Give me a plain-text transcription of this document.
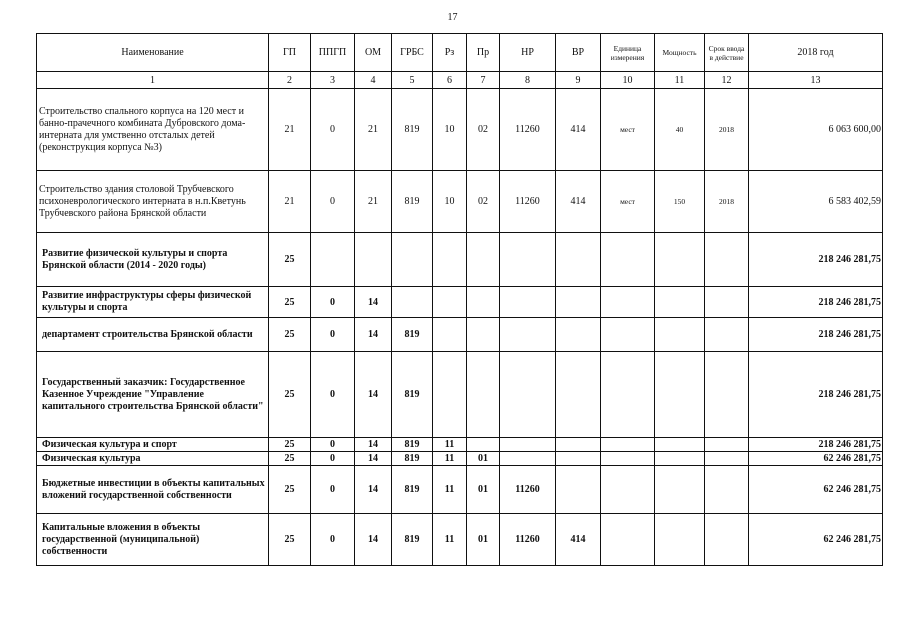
17
Наименование	ГП	ППГП	ОМ	ГРБС	Рз	Пр	НР	ВР	Единица измерения	Мощность	Срок ввода в действие	2018 год
1	2	3	4	5	6	7	8	9	10	11	12	13
Строительство спального корпуса на 120 мест и банно-прачечного комбината Дубровского дома-интерната для умственно отсталых детей (реконструкция корпуса №3)	21	0	21	819	10	02	11260	414	мест	40	2018	6 063 600,00
Строительство здания столовой Трубчевского психоневрологического интерната в н.п.Кветунь Трубчевского района Брянской области	21	0	21	819	10	02	11260	414	мест	150	2018	6 583 402,59
Развитие физической культуры и спорта Брянской области (2014 - 2020 годы)	25											218 246 281,75
Развитие инфраструктуры сферы физической культуры и спорта	25	0	14									218 246 281,75
департамент строительства Брянской области	25	0	14	819								218 246 281,75
Государственный заказчик: Государственное Казенное Учреждение "Управление капитального строительства Брянской области"	25	0	14	819								218 246 281,75
Физическая культура и спорт	25	0	14	819	11							218 246 281,75
Физическая культура	25	0	14	819	11	01						62 246 281,75
Бюджетные инвестиции в объекты капитальных вложений государственной собственности	25	0	14	819	11	01	11260					62 246 281,75
Капитальные вложения в объекты государственной (муниципальной) собственности	25	0	14	819	11	01	11260	414				62 246 281,75
